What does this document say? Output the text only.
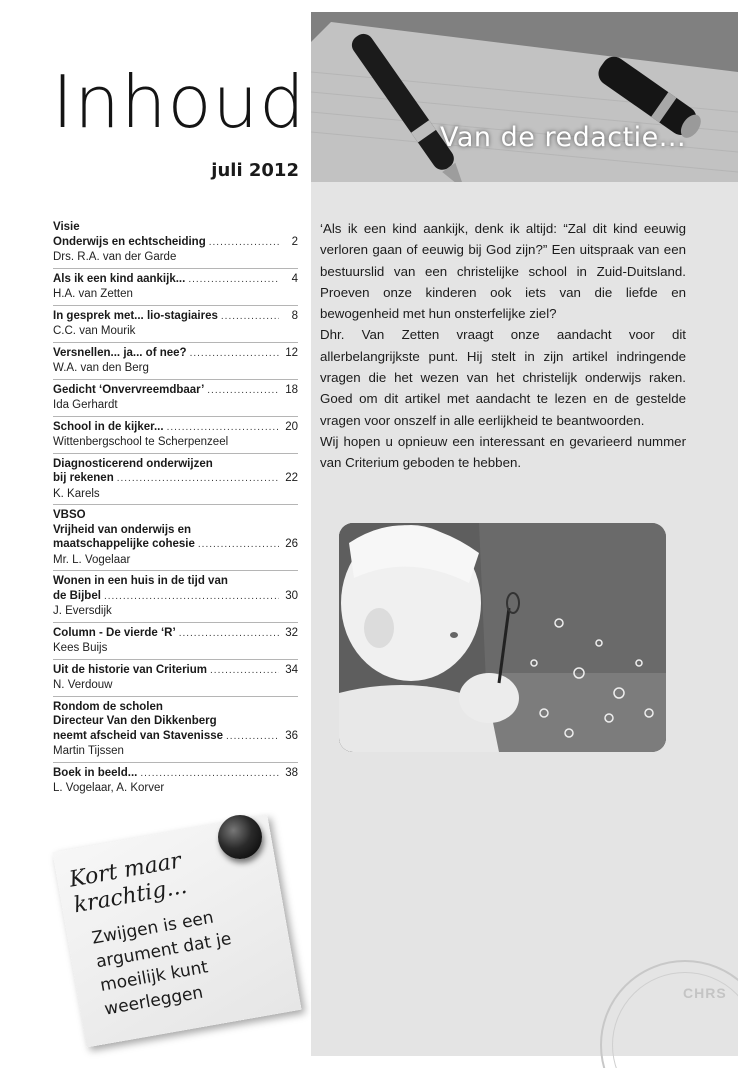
Inhoud
juli 2012
Visie
Onderwijs en echtscheiding .....	2
Drs. R.A. van der Garde
Als ik een kind aankijk... .....	4
H.A. van Zetten
In gesprek met... lio-stagiaires .....	8
C.C. van Mourik
Versnellen... ja... of nee? .....	12
W.A. van den Berg
Gedicht ‘Onvervreemdbaar’ .....	18
Ida Gerhardt
School in de kijker... .....	20
Wittenbergschool te Scherpenzeel
Diagnosticerend onderwijzen
bij rekenen .....	22
K. Karels
VBSO
Vrijheid van onderwijs en
maatschappelijke cohesie .....	26
Mr. L. Vogelaar
Wonen in een huis in de tijd van
de Bijbel .....	30
J. Eversdijk
Column - De vierde ‘R’ .....	32
Kees Buijs
Uit de historie van Criterium .....	34
N. Verdouw
Rondom de scholen
Directeur Van den Dikkenberg
neemt afscheid van Stavenisse .....	36
Martin Tijssen
Boek in beeld... .....	38
L. Vogelaar, A. Korver
Kort maar
krachtig...
Zwijgen is een
argument dat je
moeilijk kunt
weerleggen
Van de redactie...

‘Als ik een kind aankijk, denk ik altijd: “Zal dit kind eeuwig verloren gaan of eeuwig bij God zijn?” Een uitspraak van een bestuurslid van een christelijke school in Zuid-Duitsland. Proeven onze kinderen ook iets van die liefde en bewogenheid met hun onsterfelijke ziel?

Dhr. Van Zetten vraagt onze aandacht voor dit allerbelangrijkste punt. Hij stelt in zijn artikel indringende vragen die het wezen van het christelijk onderwijs raken. Goed om dit artikel met aandacht te lezen en de gestelde vragen voor onszelf in alle eerlijkheid te beantwoorden.

Wij hopen u opnieuw een interessant en gevarieerd nummer van Criterium geboden te hebben.

CHRS
